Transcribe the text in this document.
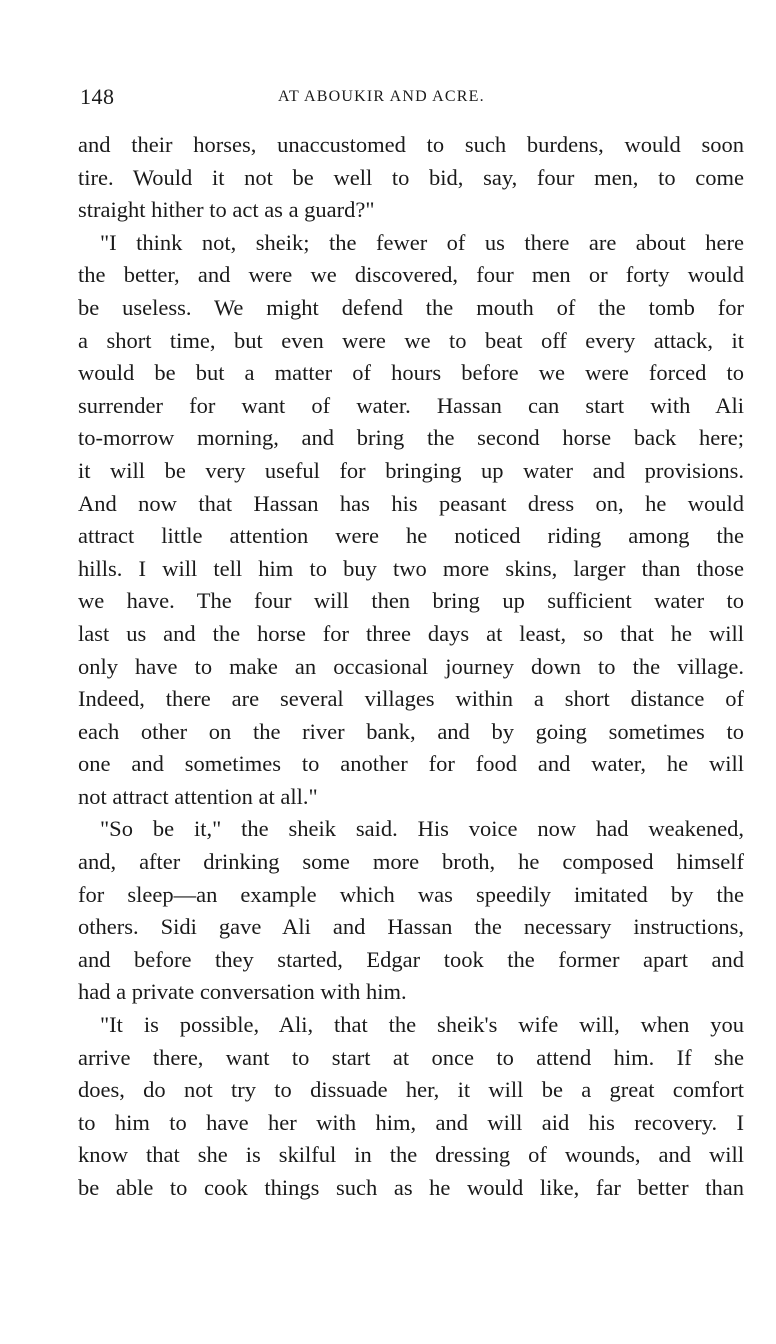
148	AT ABOUKIR AND ACRE.
and their horses, unaccustomed to such burdens, would soon
tire. Would it not be well to bid, say, four men, to come
straight hither to act as a guard?"
"I think not, sheik; the fewer of us there are about here
the better, and were we discovered, four men or forty would
be useless. We might defend the mouth of the tomb for
a short time, but even were we to beat off every attack, it
would be but a matter of hours before we were forced to
surrender for want of water. Hassan can start with Ali
to-morrow morning, and bring the second horse back here;
it will be very useful for bringing up water and provisions.
And now that Hassan has his peasant dress on, he would
attract little attention were he noticed riding among the
hills. I will tell him to buy two more skins, larger than those
we have. The four will then bring up sufficient water to
last us and the horse for three days at least, so that he will
only have to make an occasional journey down to the village.
Indeed, there are several villages within a short distance of
each other on the river bank, and by going sometimes to
one and sometimes to another for food and water, he will
not attract attention at all."
"So be it," the sheik said. His voice now had weakened,
and, after drinking some more broth, he composed himself
for sleep—an example which was speedily imitated by the
others. Sidi gave Ali and Hassan the necessary instructions,
and before they started, Edgar took the former apart and
had a private conversation with him.
"It is possible, Ali, that the sheik's wife will, when you
arrive there, want to start at once to attend him. If she
does, do not try to dissuade her, it will be a great comfort
to him to have her with him, and will aid his recovery. I
know that she is skilful in the dressing of wounds, and will
be able to cook things such as he would like, far better than
